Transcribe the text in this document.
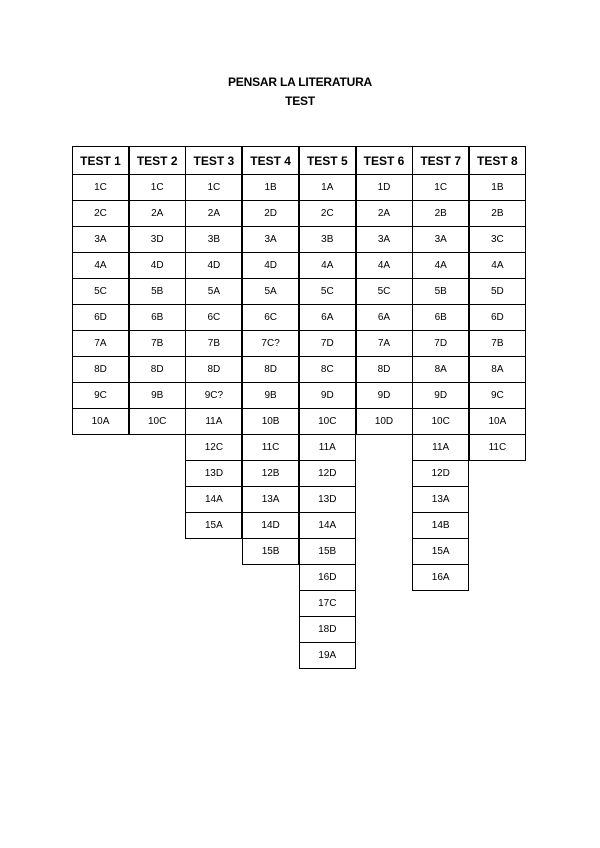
PENSAR LA LITERATURA
TEST
TEST 1
1C
2C
3A
4A
5C
6D
7A
8D
9C
10A
TEST 2
1C
2A
3D
4D
5B
6B
7B
8D
9B
10C
TEST 3
1C
2A
3B
4D
5A
6C
7B
8D
9C?
11A
12C
13D
14A
15A
TEST 4
1B
2D
3A
4D
5A
6C
7C?
8D
9B
10B
11C
12B
13A
14D
15B
TEST 5
1A
2C
3B
4A
5C
6A
7D
8C
9D
10C
11A
12D
13D
14A
15B
16D
17C
18D
19A
TEST 6
1D
2A
3A
4A
5C
6A
7A
8D
9D
10D
TEST 7
1C
2B
3A
4A
5B
6B
7D
8A
9D
10C
11A
12D
13A
14B
15A
16A
TEST 8
1B
2B
3C
4A
5D
6D
7B
8A
9C
10A
11C
